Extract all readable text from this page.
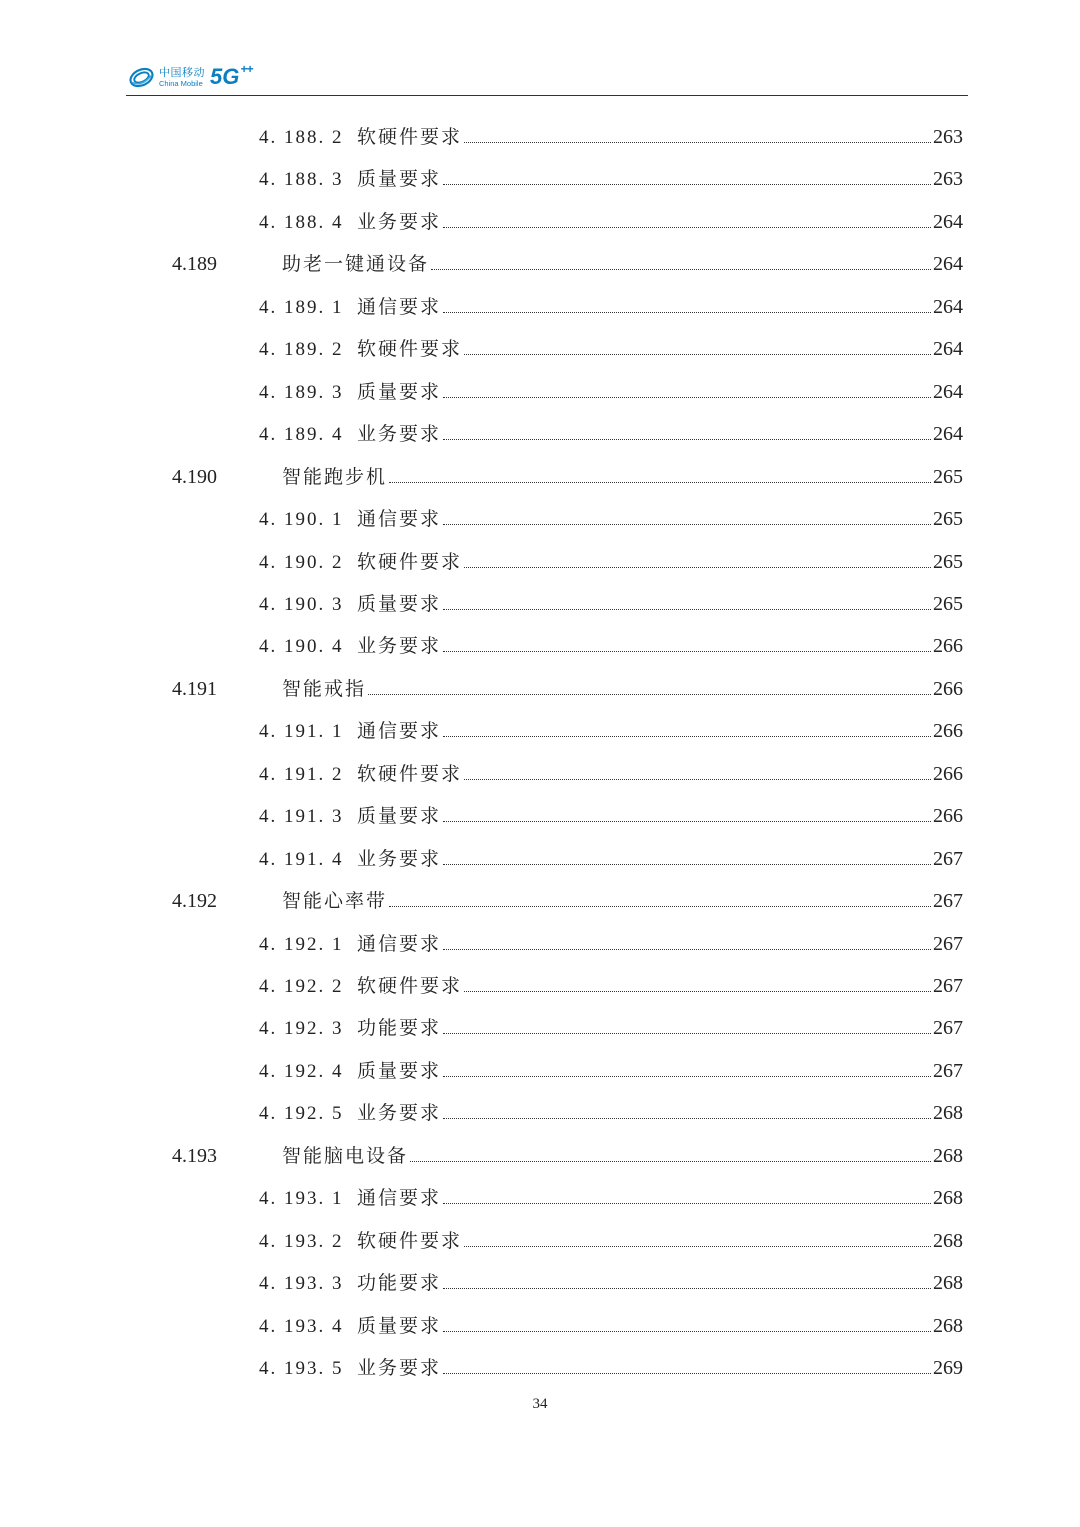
中国移动
China Mobile 5G ++
4. 188. 2 软硬件要求	263
4. 188. 3 质量要求	263
4. 188. 4 业务要求	264
4.189	助老一键通设备	264
4. 189. 1 通信要求	264
4. 189. 2 软硬件要求	264
4. 189. 3 质量要求	264
4. 189. 4 业务要求	264
4.190	智能跑步机	265
4. 190. 1 通信要求	265
4. 190. 2 软硬件要求	265
4. 190. 3 质量要求	265
4. 190. 4 业务要求	266
4.191	智能戒指	266
4. 191. 1 通信要求	266
4. 191. 2 软硬件要求	266
4. 191. 3 质量要求	266
4. 191. 4 业务要求	267
4.192	智能心率带	267
4. 192. 1 通信要求	267
4. 192. 2 软硬件要求	267
4. 192. 3 功能要求	267
4. 192. 4 质量要求	267
4. 192. 5 业务要求	268
4.193	智能脑电设备	268
4. 193. 1 通信要求	268
4. 193. 2 软硬件要求	268
4. 193. 3 功能要求	268
4. 193. 4 质量要求	268
4. 193. 5 业务要求	269
34
